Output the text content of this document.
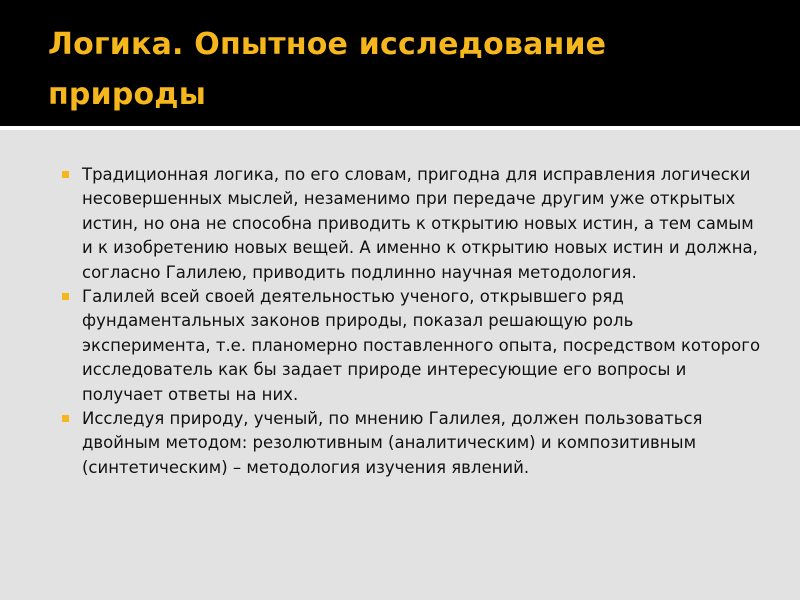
Логика. Опытное исследование природы
Традиционная логика, по его словам, пригодна для исправления логически несовершенных мыслей, незаменимо при передаче другим уже открытых истин, но она не способна приводить к открытию новых истин, а тем самым и к изобретению новых вещей. А именно к открытию новых истин и должна, согласно Галилею, приводить подлинно научная методология.
Галилей всей своей деятельностью ученого, открывшего ряд фундаментальных законов природы, показал решающую роль эксперимента, т.е. планомерно поставленного опыта, посредством которого исследователь как бы задает природе интересующие его вопросы и получает ответы на них.
Исследуя природу, ученый, по мнению Галилея, должен пользоваться двойным методом: резолютивным (аналитическим) и композитивным (синтетическим) – методология изучения явлений.
